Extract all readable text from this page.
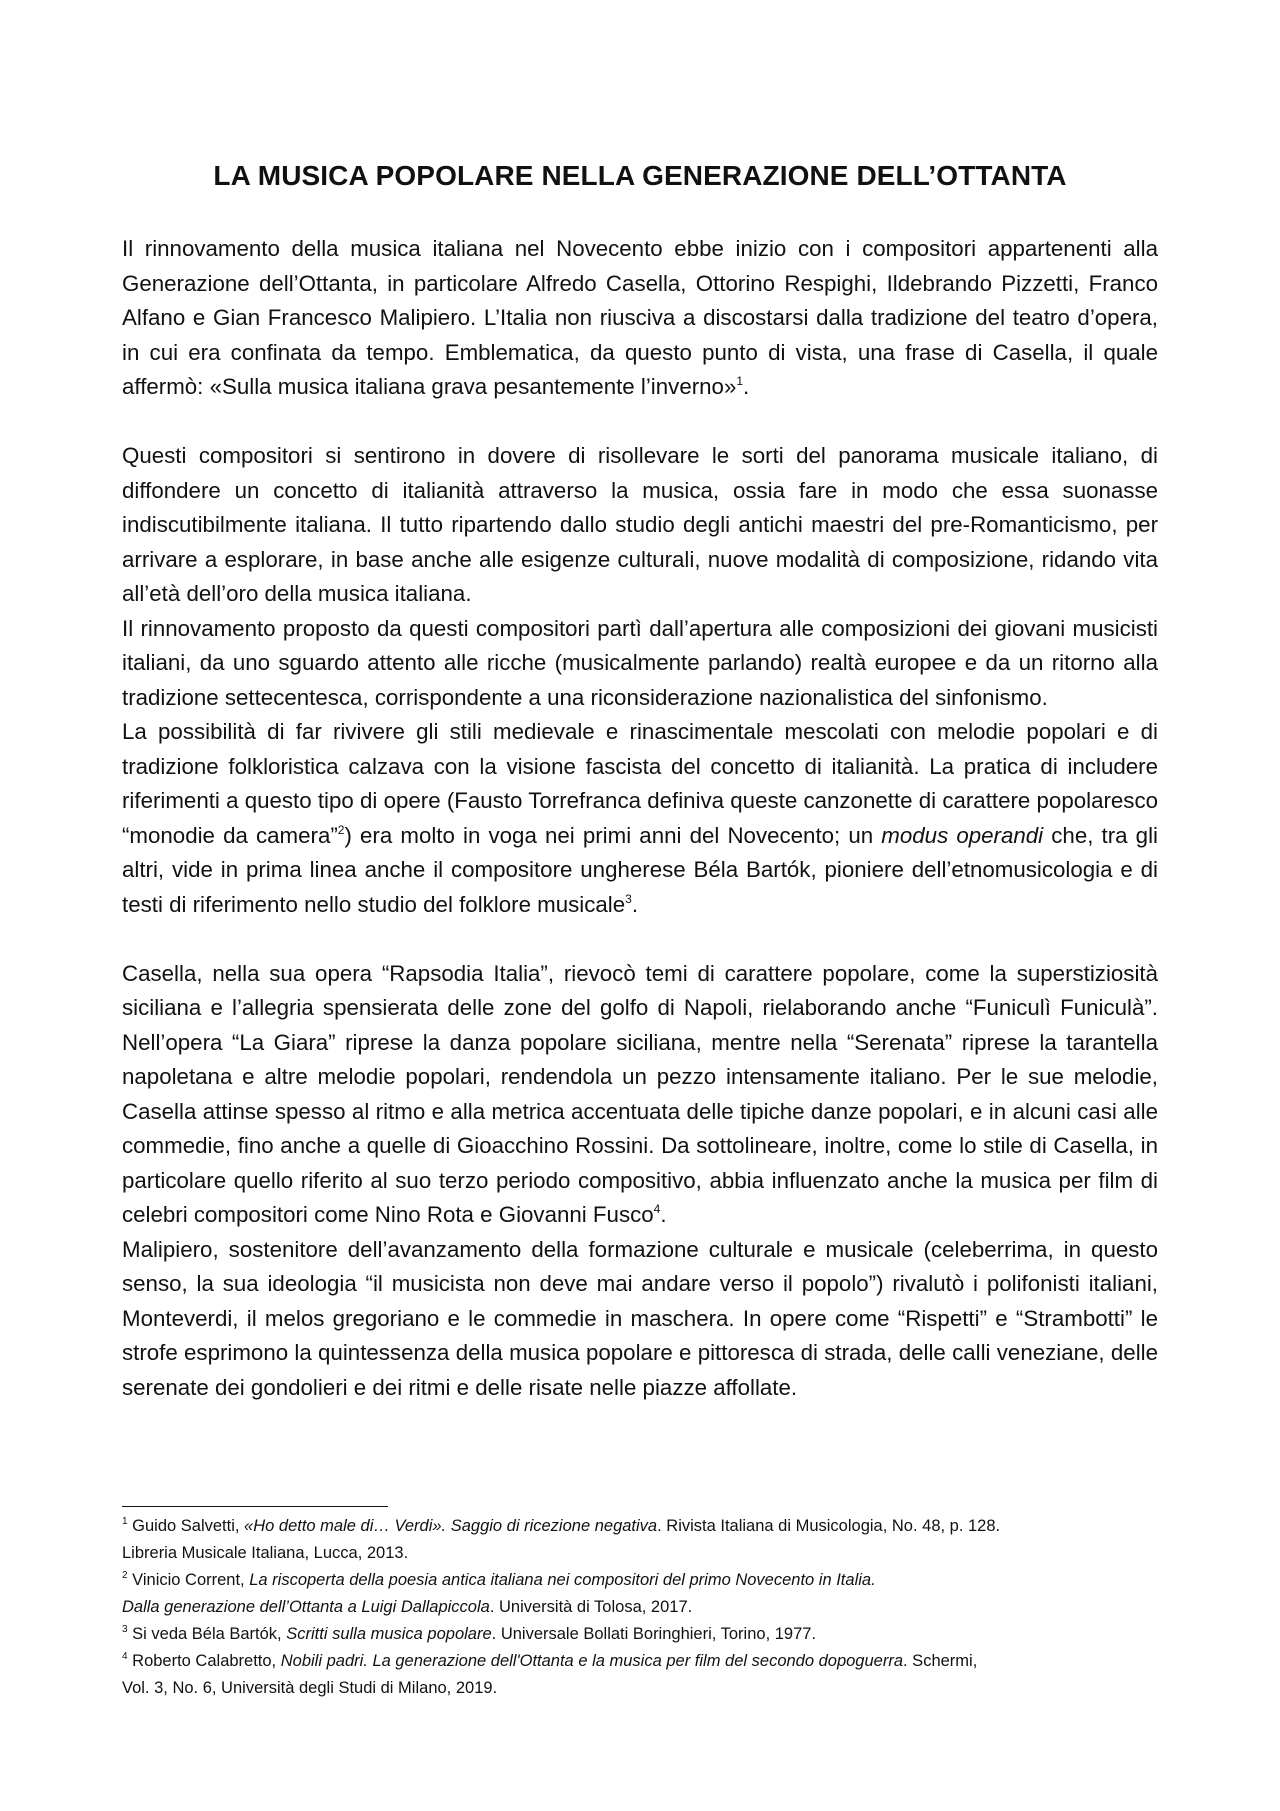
LA MUSICA POPOLARE NELLA GENERAZIONE DELL’OTTANTA

Il rinnovamento della musica italiana nel Novecento ebbe inizio con i compositori appartenenti alla Generazione dell’Ottanta, in particolare Alfredo Casella, Ottorino Respighi, Ildebrando Pizzetti, Franco Alfano e Gian Francesco Malipiero. L’Italia non riusciva a discostarsi dalla tradizione del teatro d’opera, in cui era confinata da tempo. Emblematica, da questo punto di vista, una frase di Casella, il quale affermò: «Sulla musica italiana grava pesantemente l’inverno»$^1$.

Questi compositori si sentirono in dovere di risollevare le sorti del panorama musicale italiano, di diffondere un concetto di italianità attraverso la musica, ossia fare in modo che essa suonasse indiscutibilmente italiana. Il tutto ripartendo dallo studio degli antichi maestri del pre-Romanticismo, per arrivare a esplorare, in base anche alle esigenze culturali, nuove modalità di composizione, ridando vita all’età dell’oro della musica italiana.

Il rinnovamento proposto da questi compositori partì dall’apertura alle composizioni dei giovani musicisti italiani, da uno sguardo attento alle ricche (musicalmente parlando) realtà europee e da un ritorno alla tradizione settecentesca, corrispondente a una riconsiderazione nazionalistica del sinfonismo.

La possibilità di far rivivere gli stili medievale e rinascimentale mescolati con melodie popolari e di tradizione folkloristica calzava con la visione fascista del concetto di italianità. La pratica di includere riferimenti a questo tipo di opere (Fausto Torrefranca definiva queste canzonette di carattere popolaresco “monodie da camera”$^2$) era molto in voga nei primi anni del Novecento; un modus operandi che, tra gli altri, vide in prima linea anche il compositore ungherese Béla Bartók, pioniere dell’etnomusicologia e di testi di riferimento nello studio del folklore musicale$^3$.

Casella, nella sua opera “Rapsodia Italia”, rievocò temi di carattere popolare, come la superstiziosità siciliana e l’allegria spensierata delle zone del golfo di Napoli, rielaborando anche “Funiculì Funiculà”. Nell’opera “La Giara” riprese la danza popolare siciliana, mentre nella “Serenata” riprese la tarantella napoletana e altre melodie popolari, rendendola un pezzo intensamente italiano. Per le sue melodie, Casella attinse spesso al ritmo e alla metrica accentuata delle tipiche danze popolari, e in alcuni casi alle commedie, fino anche a quelle di Gioacchino Rossini. Da sottolineare, inoltre, come lo stile di Casella, in particolare quello riferito al suo terzo periodo compositivo, abbia influenzato anche la musica per film di celebri compositori come Nino Rota e Giovanni Fusco$^4$.

Malipiero, sostenitore dell’avanzamento della formazione culturale e musicale (celeberrima, in questo senso, la sua ideologia “il musicista non deve mai andare verso il popolo”) rivalutò i polifonisti italiani, Monteverdi, il melos gregoriano e le commedie in maschera. In opere come “Rispetti” e “Strambotti” le strofe esprimono la quintessenza della musica popolare e pittoresca di strada, delle calli veneziane, delle serenate dei gondolieri e dei ritmi e delle risate nelle piazze affollate.

$^1$ Guido Salvetti, «Ho detto male di… Verdi». Saggio di ricezione negativa. Rivista Italiana di Musicologia, No. 48, p. 128.

Libreria Musicale Italiana, Lucca, 2013.

$^2$ Vinicio Corrent, La riscoperta della poesia antica italiana nei compositori del primo Novecento in Italia.

Dalla generazione dell’Ottanta a Luigi Dallapiccola. Università di Tolosa, 2017.

$^3$ Si veda Béla Bartók, Scritti sulla musica popolare. Universale Bollati Boringhieri, Torino, 1977.

$^4$ Roberto Calabretto, Nobili padri. La generazione dell'Ottanta e la musica per film del secondo dopoguerra. Schermi,

Vol. 3, No. 6, Università degli Studi di Milano, 2019.
